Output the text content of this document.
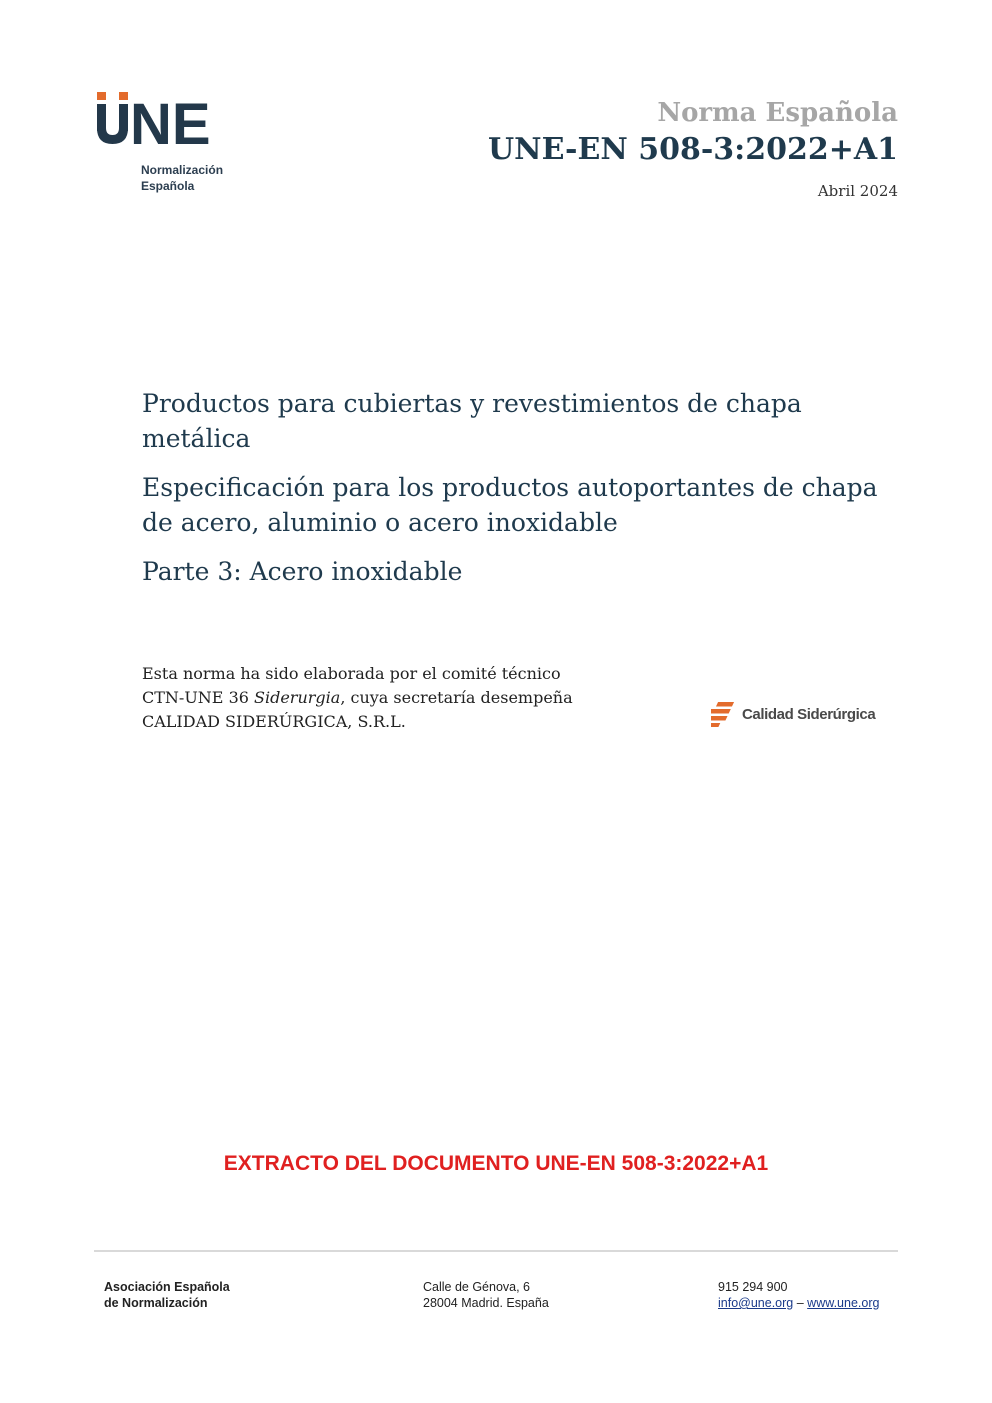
NE
Normalización
Española
Norma Española
UNE-EN 508-3:2022+A1
Abril 2024

Productos para cubiertas y revestimientos de chapa metálica

Especificación para los productos autoportantes de chapa de acero, aluminio o acero inoxidable

Parte 3: Acero inoxidable

Esta norma ha sido elaborada por el comité técnico
CTN-UNE 36 Siderurgia, cuya secretaría desempeña
CALIDAD SIDERÚRGICA, S.R.L.	Calidad Siderúrgica
EXTRACTO DEL DOCUMENTO UNE-EN 508-3:2022+A1
Asociación Española
de Normalización
Calle de Génova, 6
28004 Madrid. España
915 294 900
info@une.org – www.une.org
